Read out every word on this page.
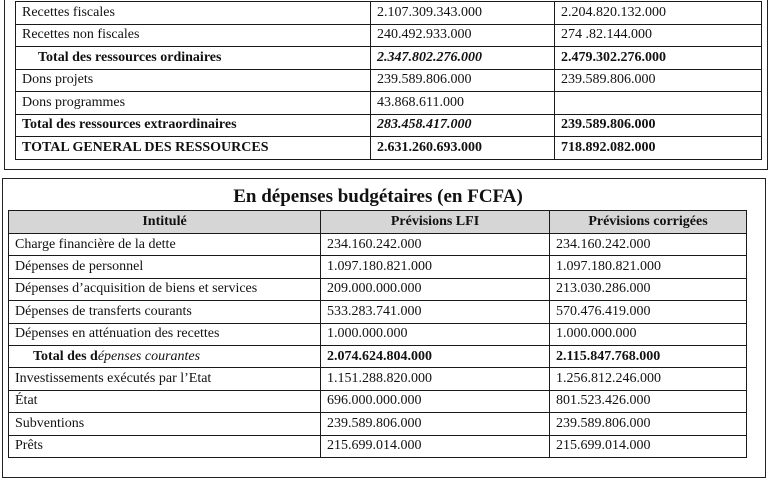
Recettes fiscales	2.107.309.343.000	2.204.820.132.000
Recettes non fiscales	240.492.933.000	274 .82.144.000
Total des ressources ordinaires	2.347.802.276.000	2.479.302.276.000
Dons projets	239.589.806.000	239.589.806.000
Dons programmes	43.868.611.000	
Total des ressources extraordinaires	283.458.417.000	239.589.806.000
TOTAL GENERAL DES RESSOURCES	2.631.260.693.000	718.892.082.000
En dépenses budgétaires (en FCFA)
Intitulé	Prévisions LFI	Prévisions corrigées
Charge financière de la dette	234.160.242.000	234.160.242.000
Dépenses de personnel	1.097.180.821.000	1.097.180.821.000
Dépenses d’acquisition de biens et services	209.000.000.000	213.030.286.000
Dépenses de transferts courants	533.283.741.000	570.476.419.000
Dépenses en atténuation des recettes	1.000.000.000	1.000.000.000
Total des dépenses courantes	2.074.624.804.000	2.115.847.768.000
Investissements exécutés par l’Etat	1.151.288.820.000	1.256.812.246.000
État	696.000.000.000	801.523.426.000
Subventions	239.589.806.000	239.589.806.000
Prêts	215.699.014.000	215.699.014.000
